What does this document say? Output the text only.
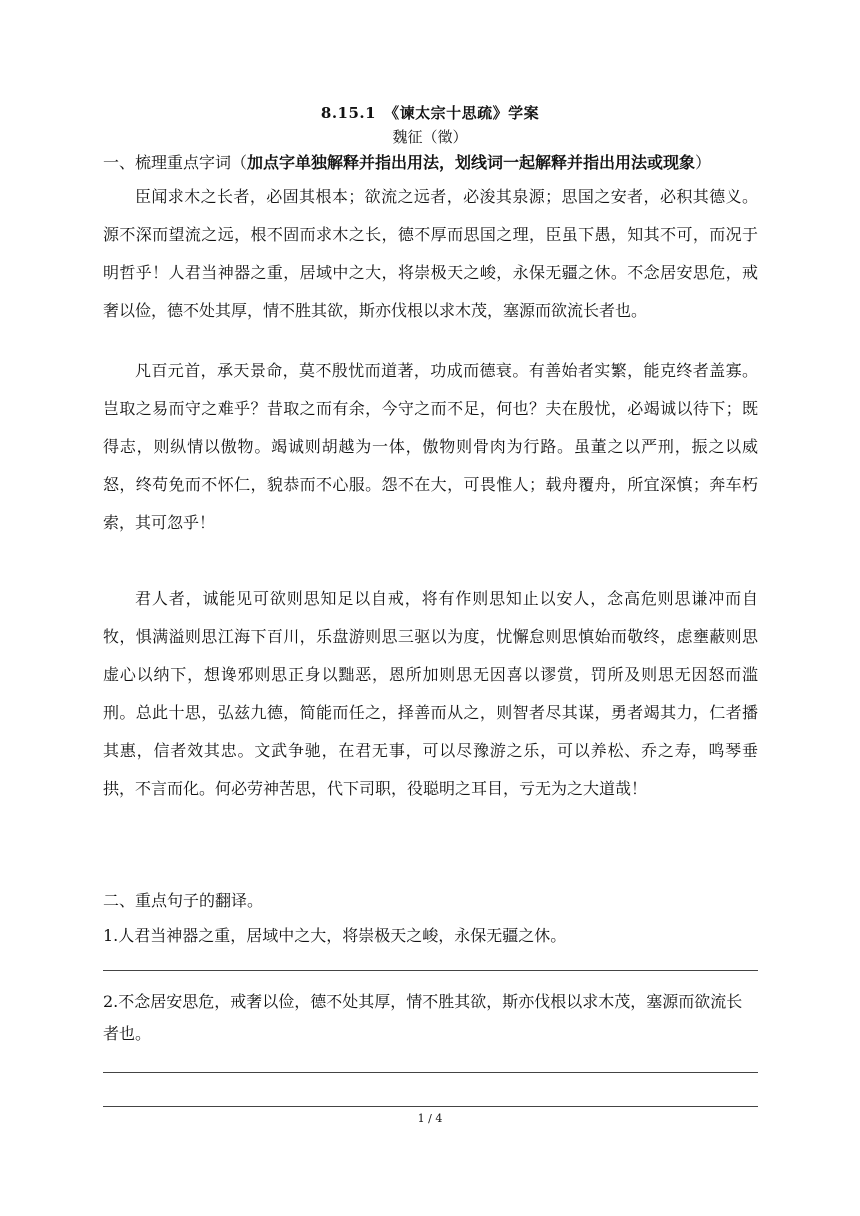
8.15.1　《谏太宗十思疏》学案
魏征（徵）
一、梳理重点字词（加点字单独解释并指出用法，划线词一起解释并指出用法或现象）
臣闻求木之长者，必固其根本；欲流之远者，必浚其泉源；思国之安者，必积其德义。源不深而望流之远，根不固而求木之长，德不厚而思国之理，臣虽下愚，知其不可，而况于明哲乎！人君当神器之重，居域中之大，将崇极天之峻，永保无疆之休。不念居安思危，戒奢以俭，德不处其厚，情不胜其欲，斯亦伐根以求木茂，塞源而欲流长者也。
凡百元首，承天景命，莫不殷忧而道著，功成而德衰。有善始者实繁，能克终者盖寡。岂取之易而守之难乎？昔取之而有余，今守之而不足，何也？夫在殷忧，必竭诚以待下；既得志，则纵情以傲物。竭诚则胡越为一体，傲物则骨肉为行路。虽董之以严刑，振之以威怒，终苟免而不怀仁，貌恭而不心服。怨不在大，可畏惟人；载舟覆舟，所宜深慎；奔车朽索，其可忽乎！
君人者，诚能见可欲则思知足以自戒，将有作则思知止以安人，念高危则思谦冲而自牧，惧满溢则思江海下百川，乐盘游则思三驱以为度，忧懈怠则思慎始而敬终，虑壅蔽则思虚心以纳下，想谗邪则思正身以黜恶，恩所加则思无因喜以谬赏，罚所及则思无因怒而滥刑。总此十思，弘兹九德，简能而任之，择善而从之，则智者尽其谋，勇者竭其力，仁者播其惠，信者效其忠。文武争驰，在君无事，可以尽豫游之乐，可以养松、乔之寿，鸣琴垂拱，不言而化。何必劳神苦思，代下司职，役聪明之耳目，亏无为之大道哉！
二、重点句子的翻译。
1.人君当神器之重，居域中之大，将崇极天之峻，永保无疆之休。
2.不念居安思危，戒奢以俭，德不处其厚，情不胜其欲，斯亦伐根以求木茂，塞源而欲流长者也。
1 / 4
